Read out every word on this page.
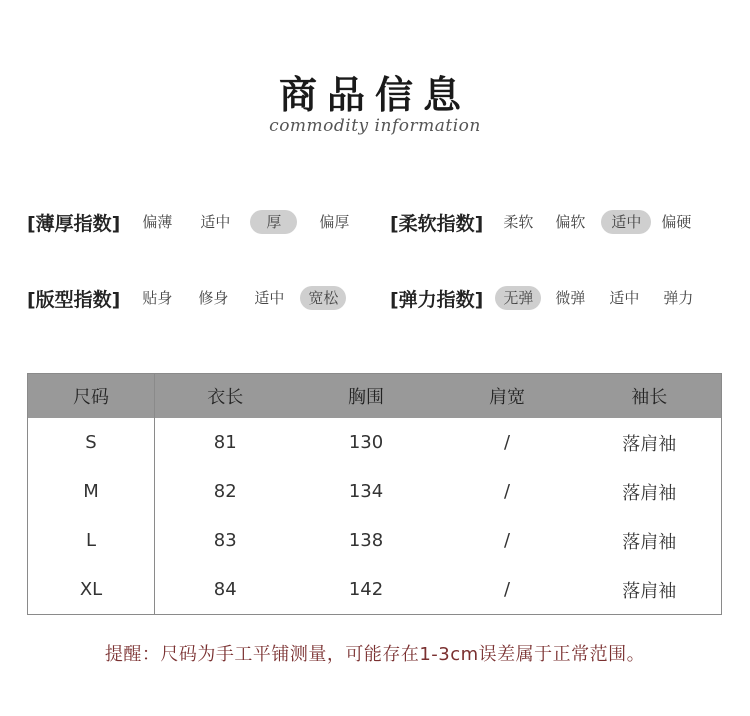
商品信息
commodity information
[薄厚指数]	偏薄	适中	厚	偏厚	[柔软指数]	柔软	偏软	适中	偏硬
[版型指数]	贴身	修身	适中	宽松	[弹力指数]	无弹	微弹	适中	弹力
尺码	衣长	胸围	肩宽	袖长
S	81	130	/	落肩袖
M	82	134	/	落肩袖
L	83	138	/	落肩袖
XL	84	142	/	落肩袖
提醒：尺码为手工平铺测量，可能存在1-3cm误差属于正常范围。
